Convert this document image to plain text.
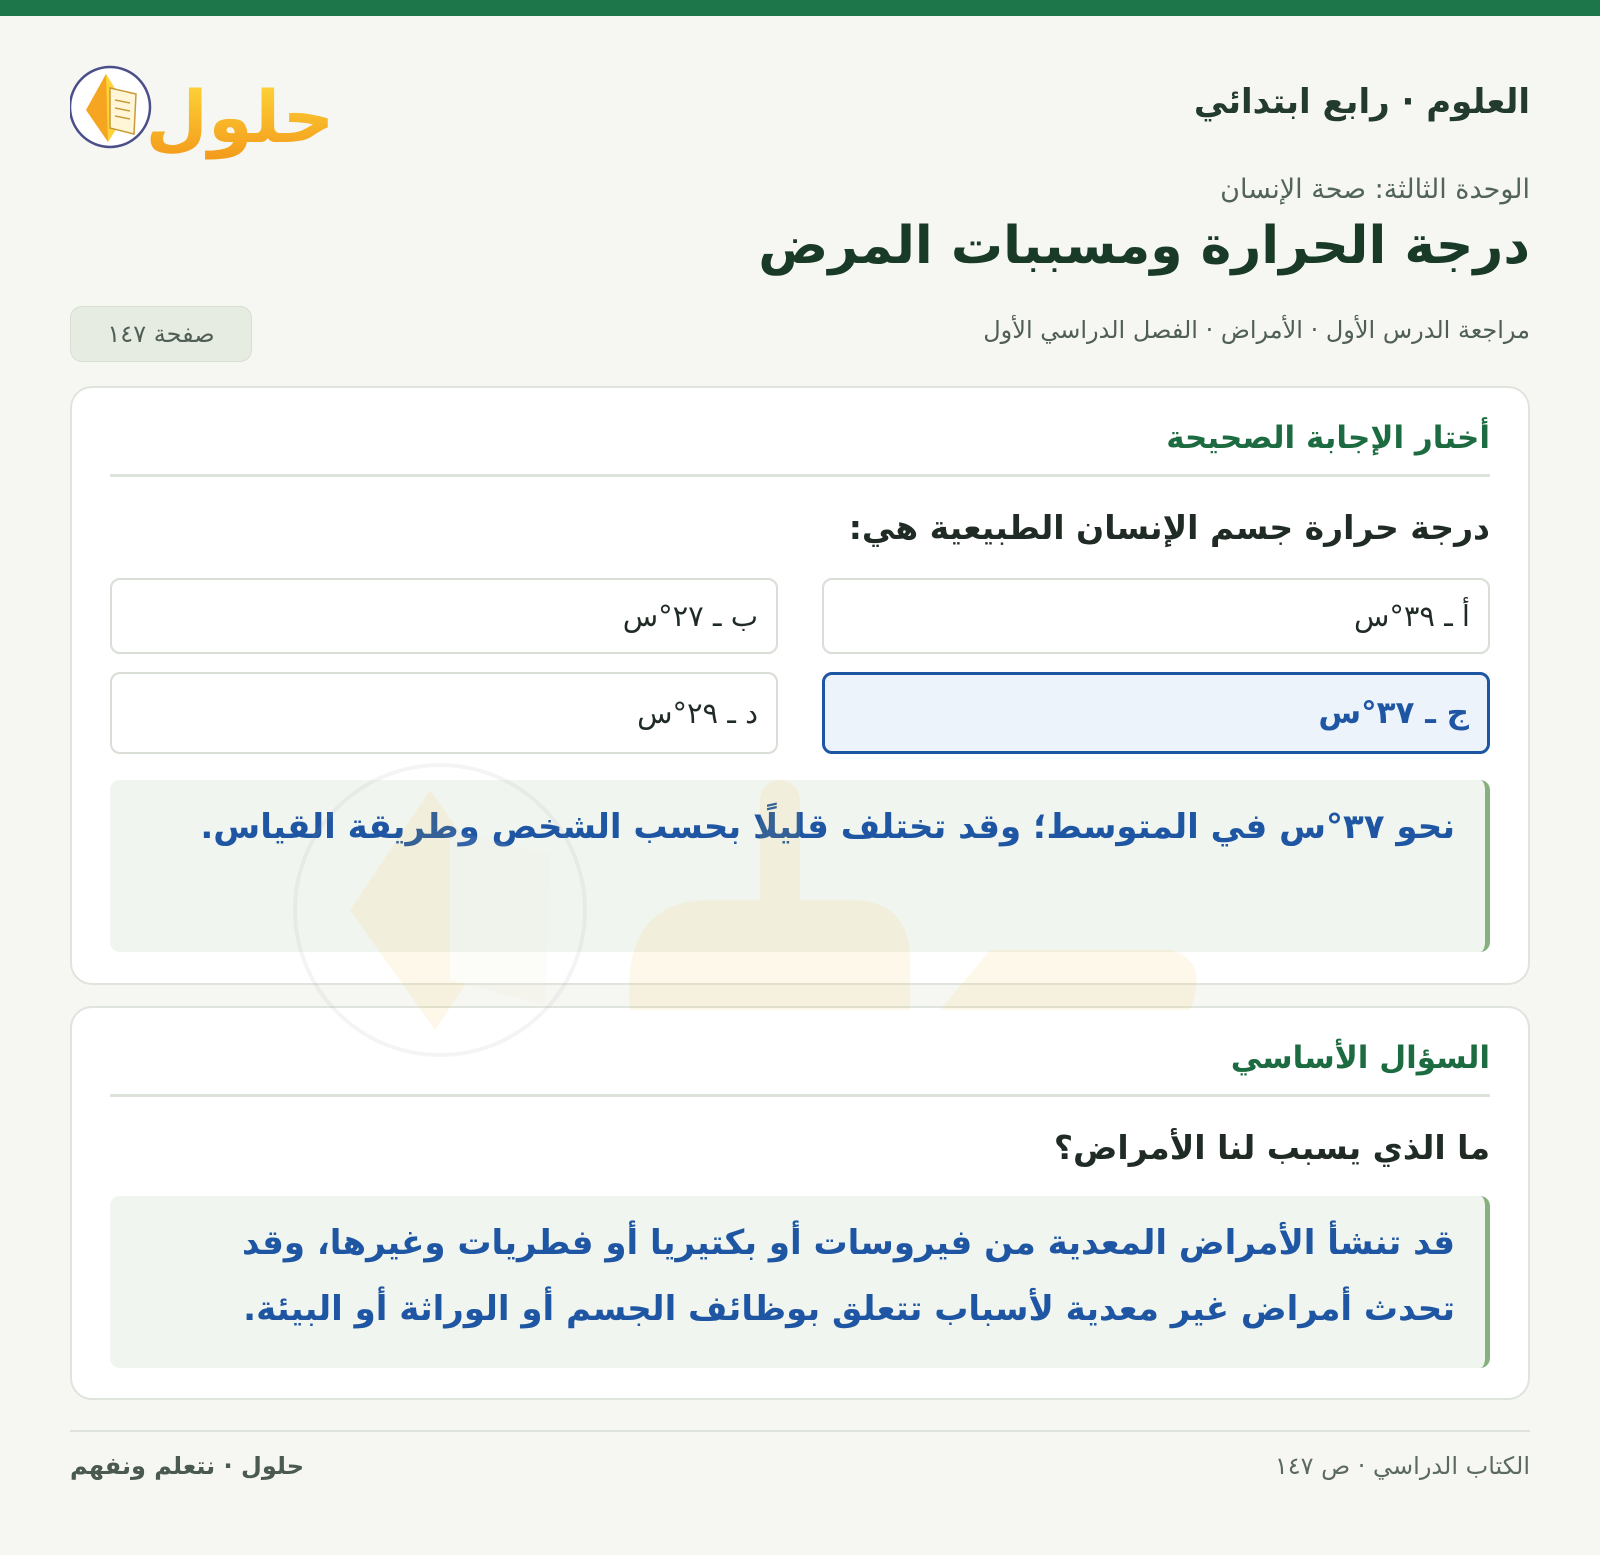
العلوم · رابع ابتدائي
حلول
الوحدة الثالثة: صحة الإنسان
درجة الحرارة ومسببات المرض
مراجعة الدرس الأول · الأمراض · الفصل الدراسي الأول
صفحة ١٤٧
أختار الإجابة الصحيحة
درجة حرارة جسم الإنسان الطبيعية هي:
أ ـ ٣٩°س
ب ـ ٢٧°س
ج ـ ٣٧°س
د ـ ٢٩°س
نحو ٣٧°س في المتوسط؛ وقد تختلف قليلًا بحسب الشخص وطريقة القياس.
السؤال الأساسي
ما الذي يسبب لنا الأمراض؟
قد تنشأ الأمراض المعدية من فيروسات أو بكتيريا أو فطريات وغيرها، وقد تحدث أمراض غير معدية لأسباب تتعلق بوظائف الجسم أو الوراثة أو البيئة.
حلول · نتعلم ونفهم	الكتاب الدراسي · ص ١٤٧
